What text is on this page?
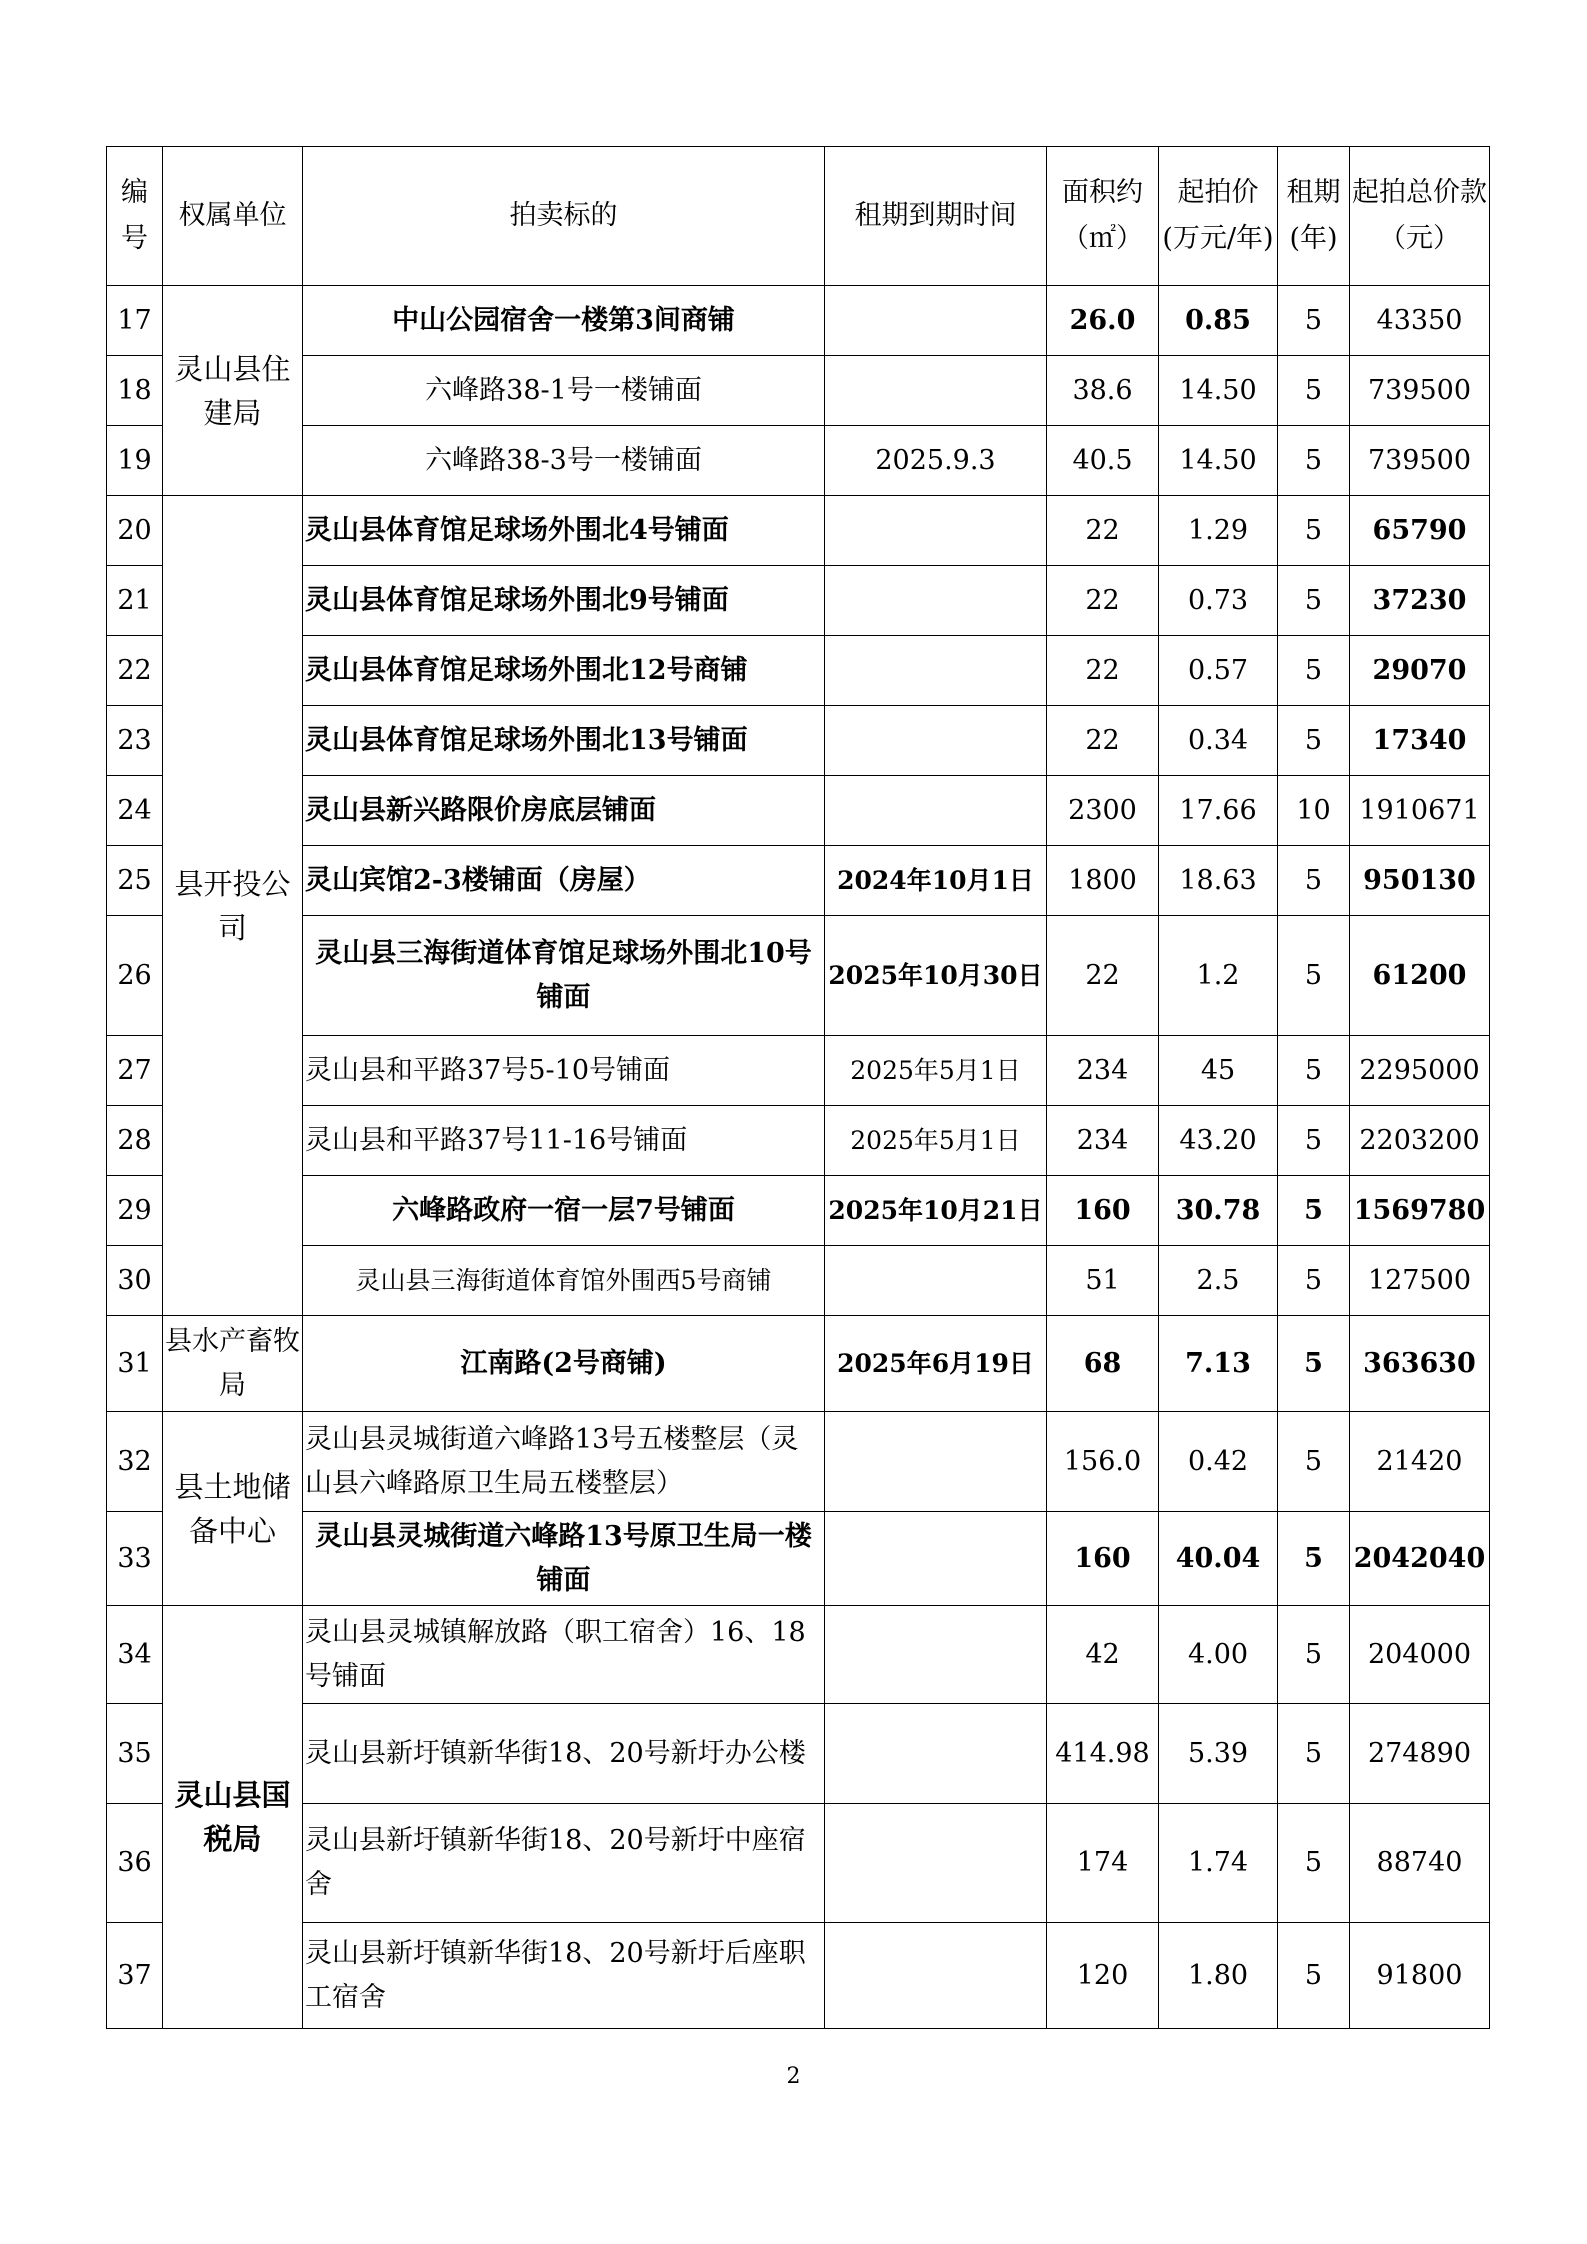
编号	权属单位	拍卖标的	租期到期时间	面积约（㎡）	起拍价(万元/年)	租期(年)	起拍总价款（元）
17	灵山县住建局	中山公园宿舍一楼第3间商铺		26.0	0.85	5	43350
18		六峰路38-1号一楼铺面		38.6	14.50	5	739500
19		六峰路38-3号一楼铺面	2025.9.3	40.5	14.50	5	739500
20	县开投公司	灵山县体育馆足球场外围北4号铺面		22	1.29	5	65790
21		灵山县体育馆足球场外围北9号铺面		22	0.73	5	37230
22		灵山县体育馆足球场外围北12号商铺		22	0.57	5	29070
23		灵山县体育馆足球场外围北13号铺面		22	0.34	5	17340
24		灵山县新兴路限价房底层铺面		2300	17.66	10	1910671
25		灵山宾馆2-3楼铺面（房屋）	2024年10月1日	1800	18.63	5	950130
26		灵山县三海街道体育馆足球场外围北10号铺面	2025年10月30日	22	1.2	5	61200
27		灵山县和平路37号5-10号铺面	2025年5月1日	234	45	5	2295000
28		灵山县和平路37号11-16号铺面	2025年5月1日	234	43.20	5	2203200
29		六峰路政府一宿一层7号铺面	2025年10月21日	160	30.78	5	1569780
30		灵山县三海街道体育馆外围西5号商铺		51	2.5	5	127500
31	县水产畜牧局	江南路(2号商铺)	2025年6月19日	68	7.13	5	363630
32	县土地储备中心	灵山县灵城街道六峰路13号五楼整层（灵山县六峰路原卫生局五楼整层）		156.0	0.42	5	21420
33		灵山县灵城街道六峰路13号原卫生局一楼铺面		160	40.04	5	2042040
34	灵山县国税局	灵山县灵城镇解放路（职工宿舍）16、18号铺面		42	4.00	5	204000
35		灵山县新圩镇新华街18、20号新圩办公楼		414.98	5.39	5	274890
36		灵山县新圩镇新华街18、20号新圩中座宿舍		174	1.74	5	88740
37		灵山县新圩镇新华街18、20号新圩后座职工宿舍		120	1.80	5	91800
2
